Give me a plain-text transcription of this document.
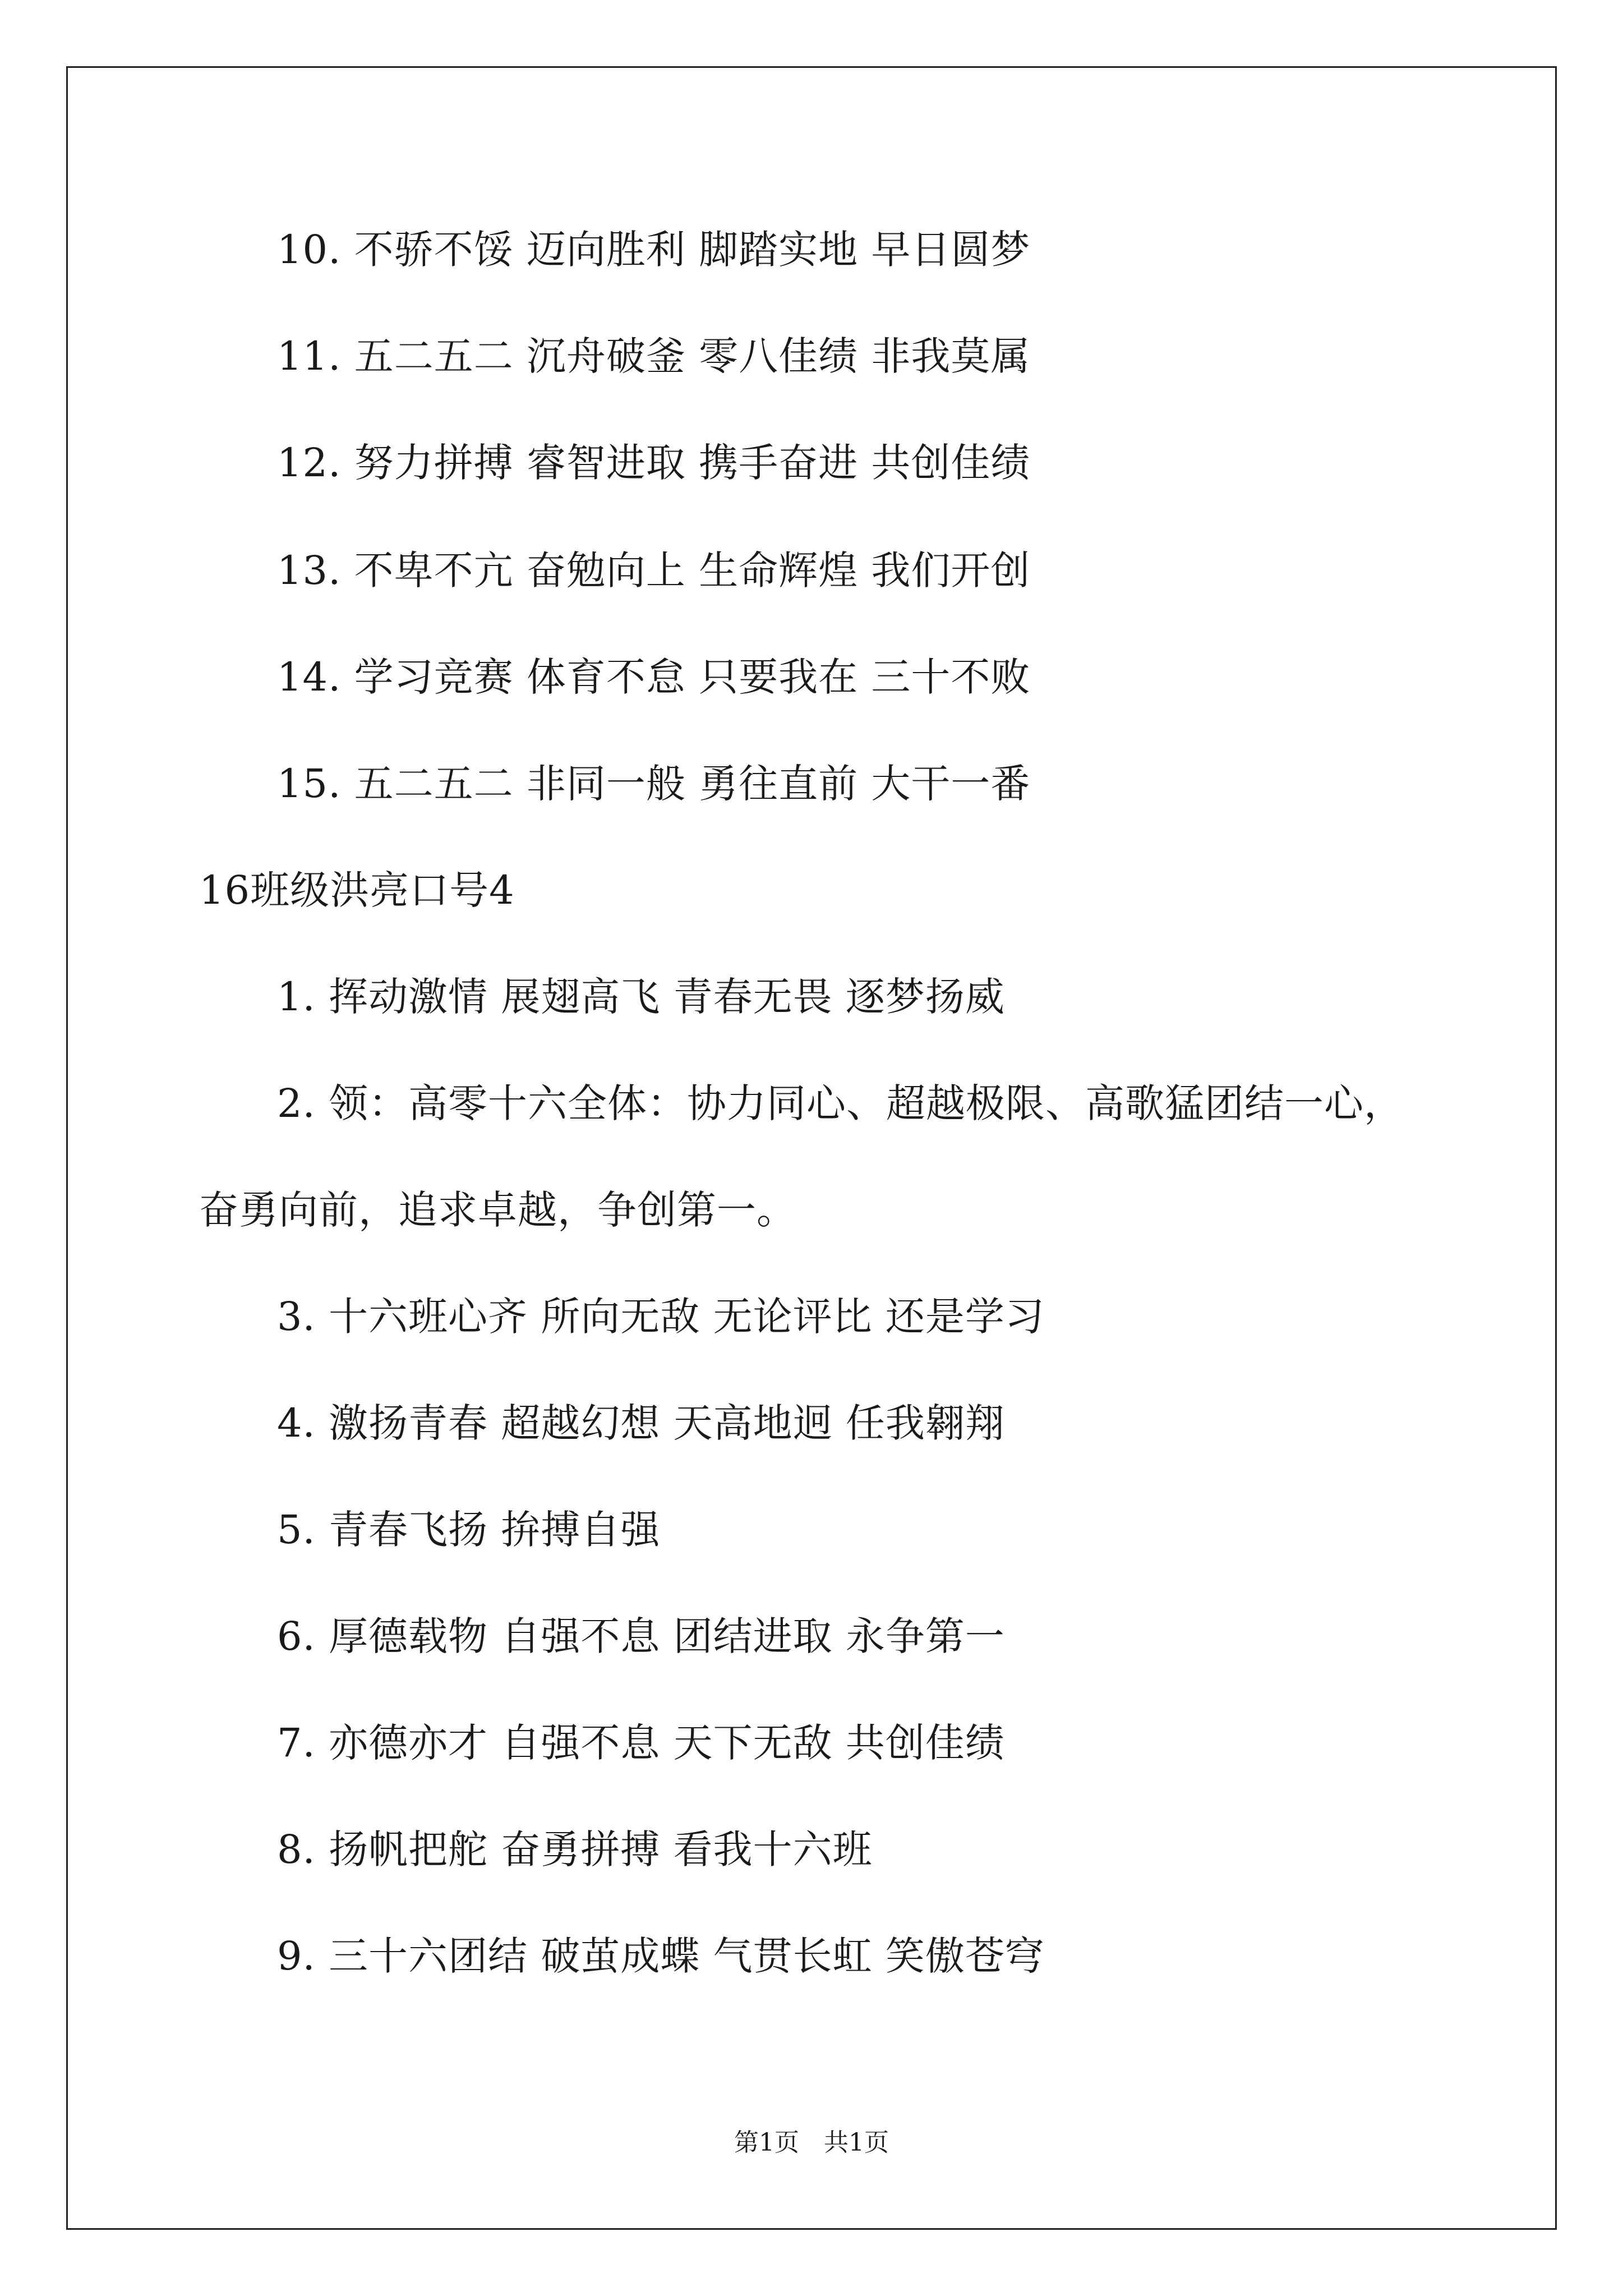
10. 不骄不馁 迈向胜利 脚踏实地 早日圆梦
11. 五二五二 沉舟破釜 零八佳绩 非我莫属
12. 努力拼搏 睿智进取 携手奋进 共创佳绩
13. 不卑不亢 奋勉向上 生命辉煌 我们开创
14. 学习竞赛 体育不怠 只要我在 三十不败
15. 五二五二 非同一般 勇往直前 大干一番
16班级洪亮口号4
1. 挥动激情 展翅高飞 青春无畏 逐梦扬威
2. 领：高零十六全体：协力同心、超越极限、高歌猛团结一心，
奋勇向前，追求卓越，争创第一。
3. 十六班心齐 所向无敌 无论评比 还是学习
4. 激扬青春 超越幻想 天高地迥 任我翱翔
5. 青春飞扬 拚搏自强
6. 厚德载物 自强不息 团结进取 永争第一
7. 亦德亦才 自强不息 天下无敌 共创佳绩
8. 扬帆把舵 奋勇拼搏 看我十六班
9. 三十六团结 破茧成蝶 气贯长虹 笑傲苍穹
第1页　共1页
